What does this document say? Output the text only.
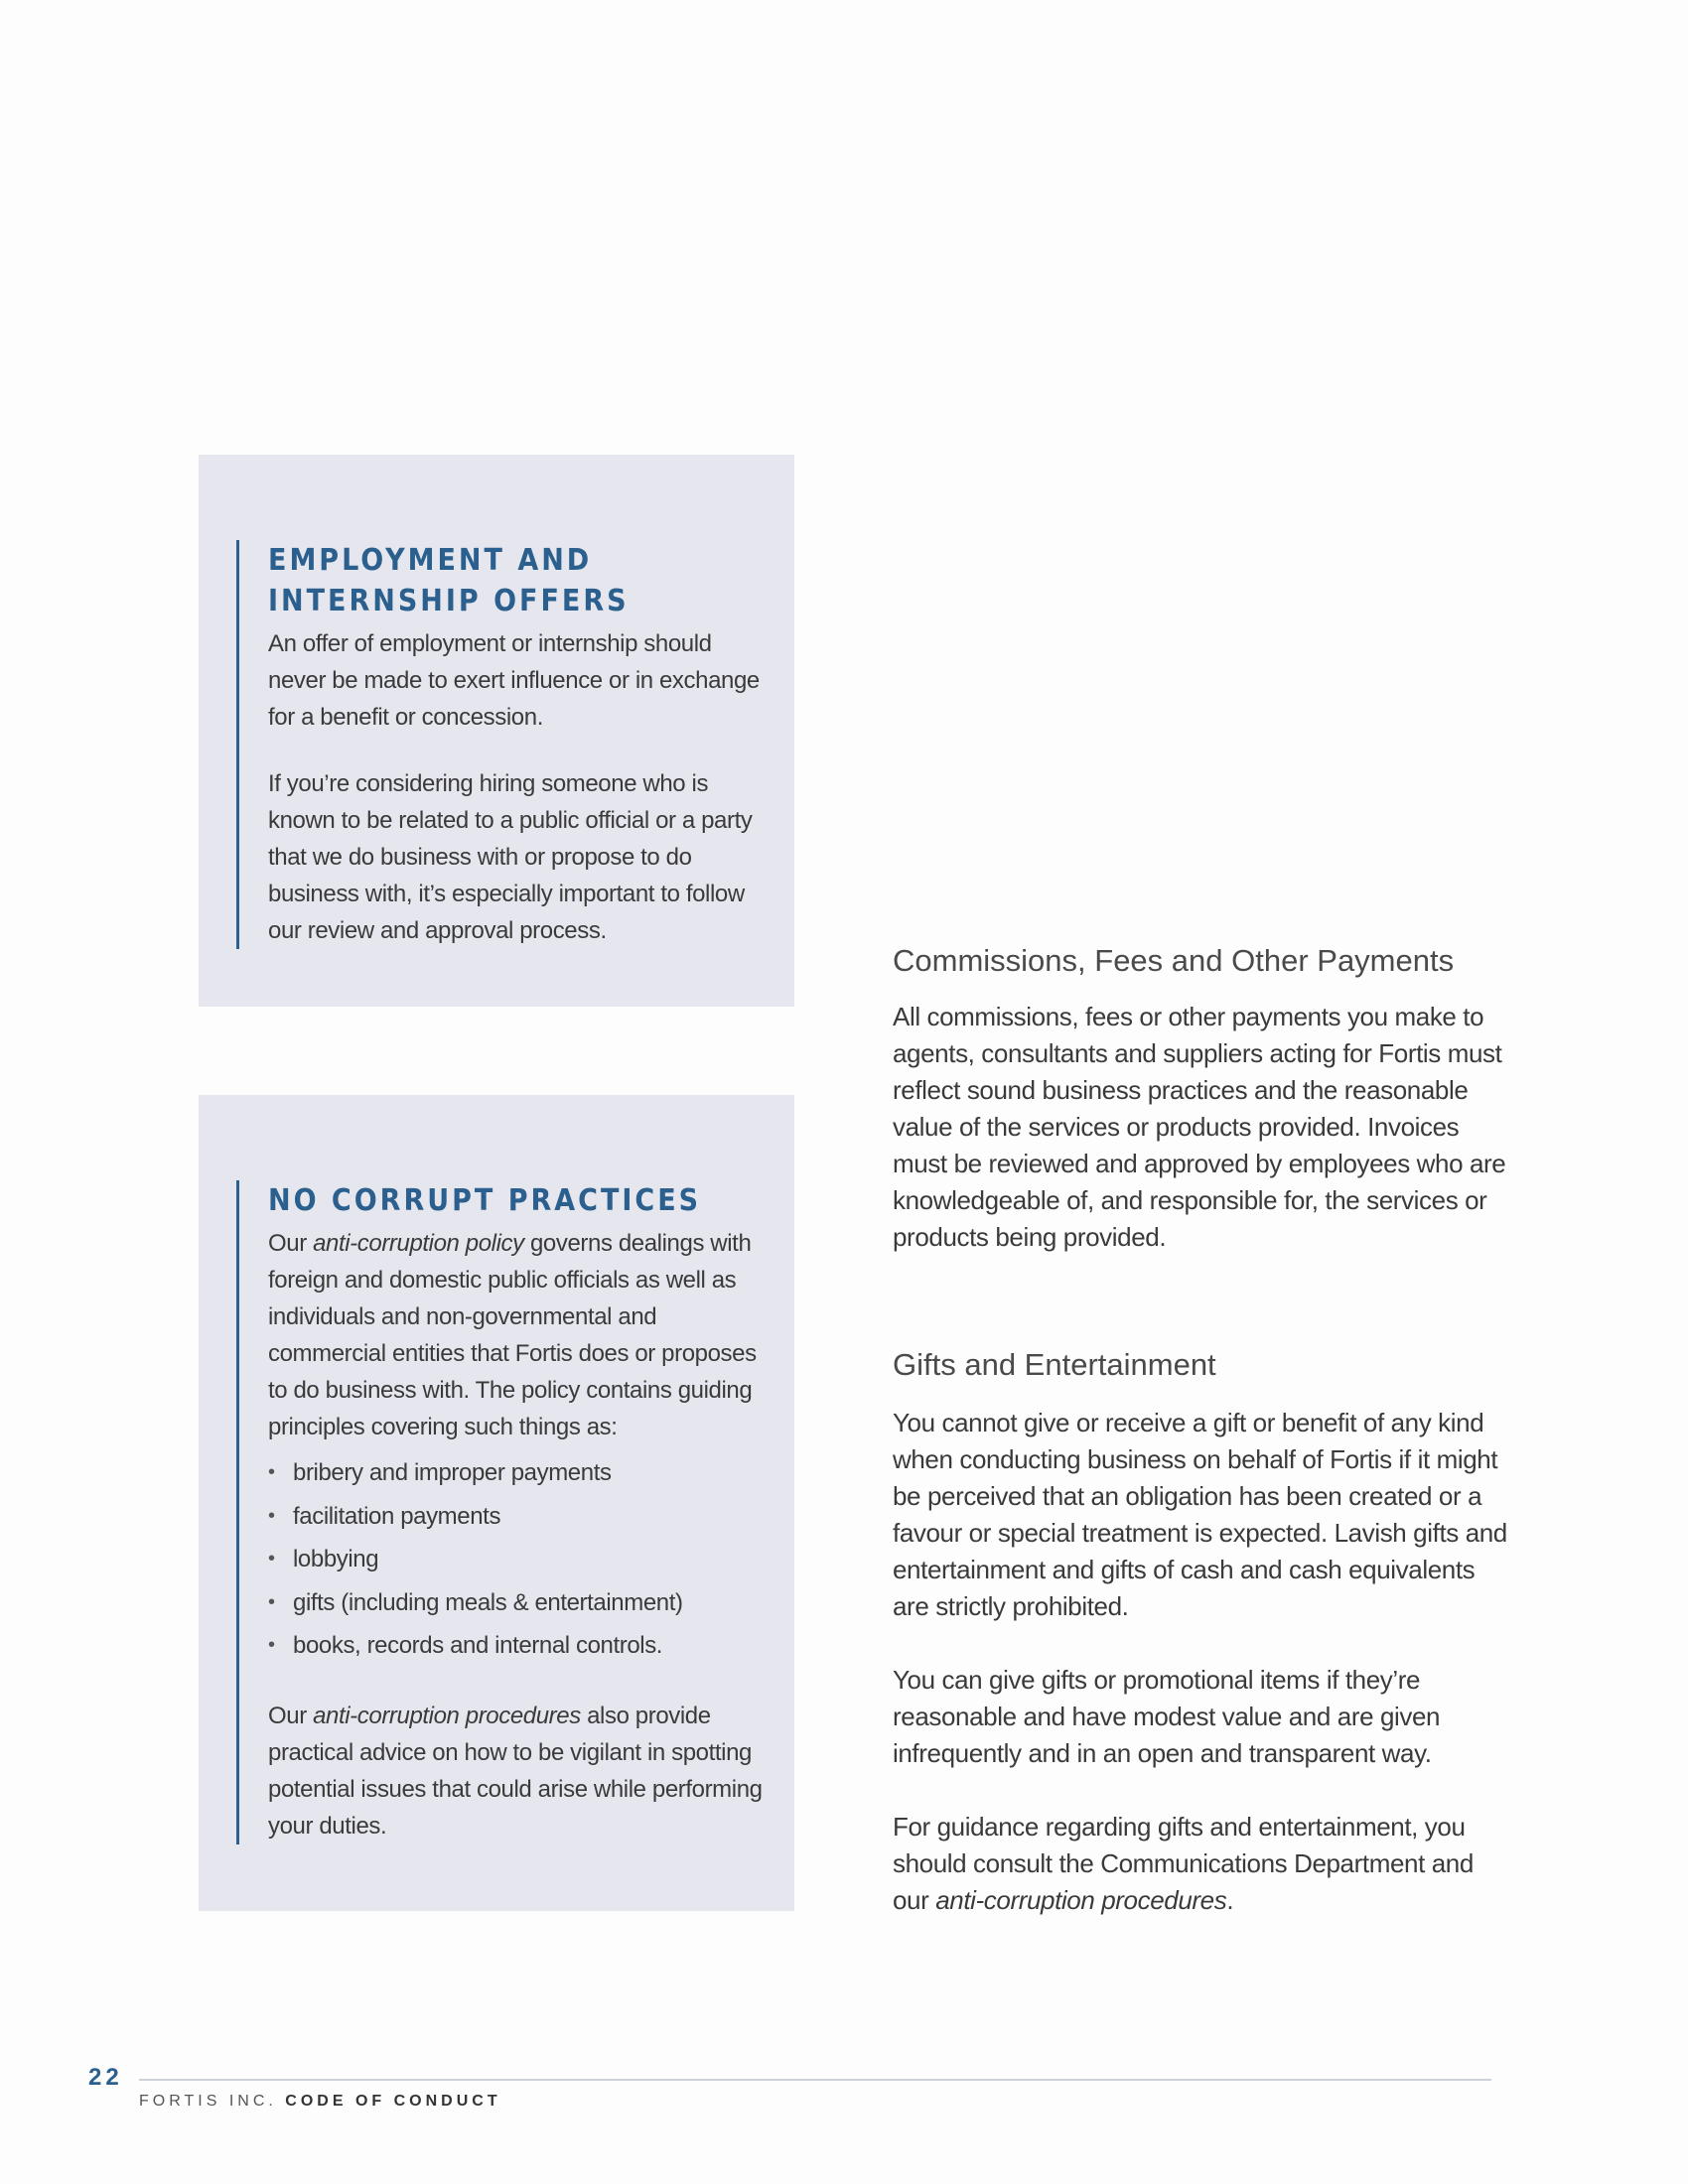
EMPLOYMENT AND
INTERNSHIP OFFERS

An offer of employment or internship should never be made to exert influence or in exchange for a benefit or concession.

If you’re considering hiring someone who is known to be related to a public official or a party that we do business with or propose to do business with, it’s especially important to follow our review and approval process.

NO CORRUPT PRACTICES

Our anti-corruption policy governs dealings with foreign and domestic public officials as well as individuals and non-governmental and commercial entities that Fortis does or proposes to do business with. The policy contains guiding principles covering such things as:

• bribery and improper payments
• facilitation payments
• lobbying
• gifts (including meals & entertainment)
• books, records and internal controls.

Our anti-corruption procedures also provide practical advice on how to be vigilant in spotting potential issues that could arise while performing your duties.

Commissions, Fees and Other Payments

All commissions, fees or other payments you make to agents, consultants and suppliers acting for Fortis must reflect sound business practices and the reasonable value of the services or products provided. Invoices must be reviewed and approved by employees who are knowledgeable of, and responsible for, the services or products being provided.

Gifts and Entertainment

You cannot give or receive a gift or benefit of any kind when conducting business on behalf of Fortis if it might be perceived that an obligation has been created or a favour or special treatment is expected. Lavish gifts and entertainment and gifts of cash and cash equivalents are strictly prohibited.

You can give gifts or promotional items if they’re reasonable and have modest value and are given infrequently and in an open and transparent way.

For guidance regarding gifts and entertainment, you should consult the Communications Department and our anti-corruption procedures.

22
FORTIS INC. CODE OF CONDUCT
